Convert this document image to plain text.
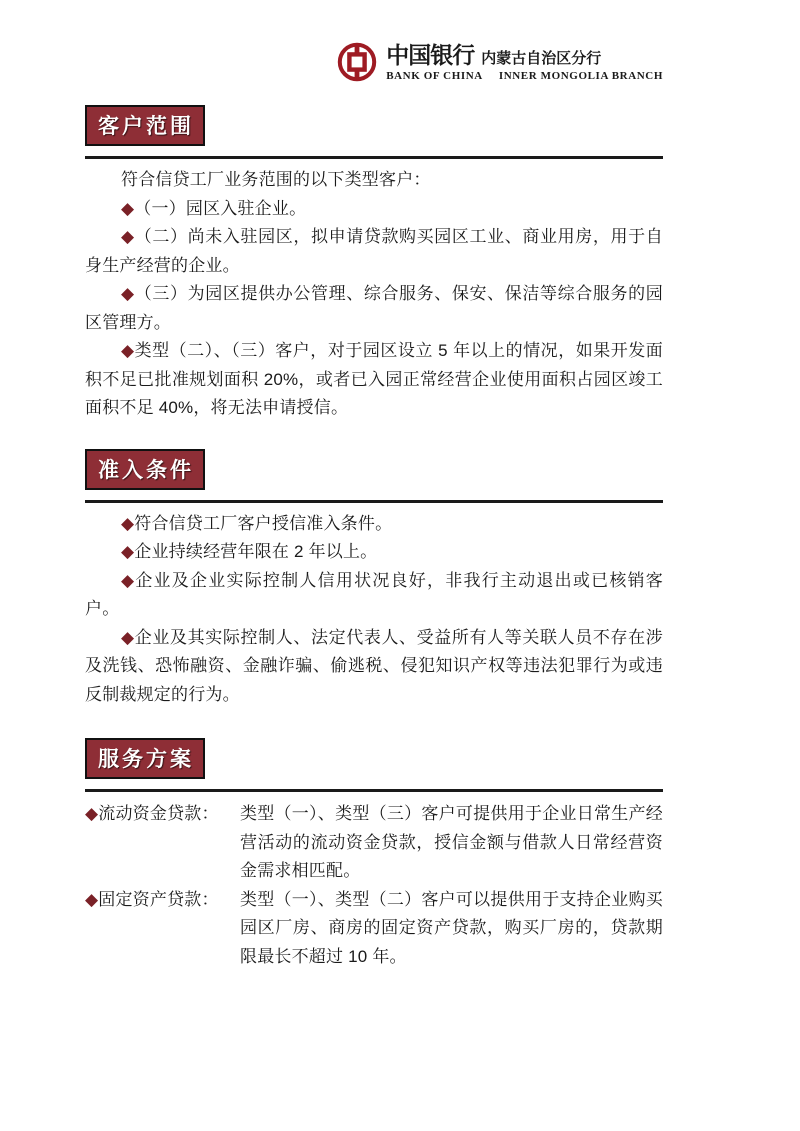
中国银行 内蒙古自治区分行
BANK OF CHINA INNER MONGOLIA BRANCH
客户范围

符合信贷工厂业务范围的以下类型客户：

◆（一）园区入驻企业。

◆（二）尚未入驻园区，拟申请贷款购买园区工业、商业用房，用于自身生产经营的企业。

◆（三）为园区提供办公管理、综合服务、保安、保洁等综合服务的园区管理方。

◆类型（二）、（三）客户，对于园区设立 5 年以上的情况，如果开发面积不足已批准规划面积 20%，或者已入园正常经营企业使用面积占园区竣工面积不足 40%，将无法申请授信。

准入条件

◆符合信贷工厂客户授信准入条件。

◆企业持续经营年限在 2 年以上。

◆企业及企业实际控制人信用状况良好，非我行主动退出或已核销客户。

◆企业及其实际控制人、法定代表人、受益所有人等关联人员不存在涉及洗钱、恐怖融资、金融诈骗、偷逃税、侵犯知识产权等违法犯罪行为或违反制裁规定的行为。

服务方案
◆流动资金贷款：	类型（一）、类型（三）客户可提供用于企业日常生产经营活动的流动资金贷款，授信金额与借款人日常经营资金需求相匹配。
◆固定资产贷款：	类型（一）、类型（二）客户可以提供用于支持企业购买园区厂房、商房的固定资产贷款，购买厂房的，贷款期限最长不超过 10 年。
